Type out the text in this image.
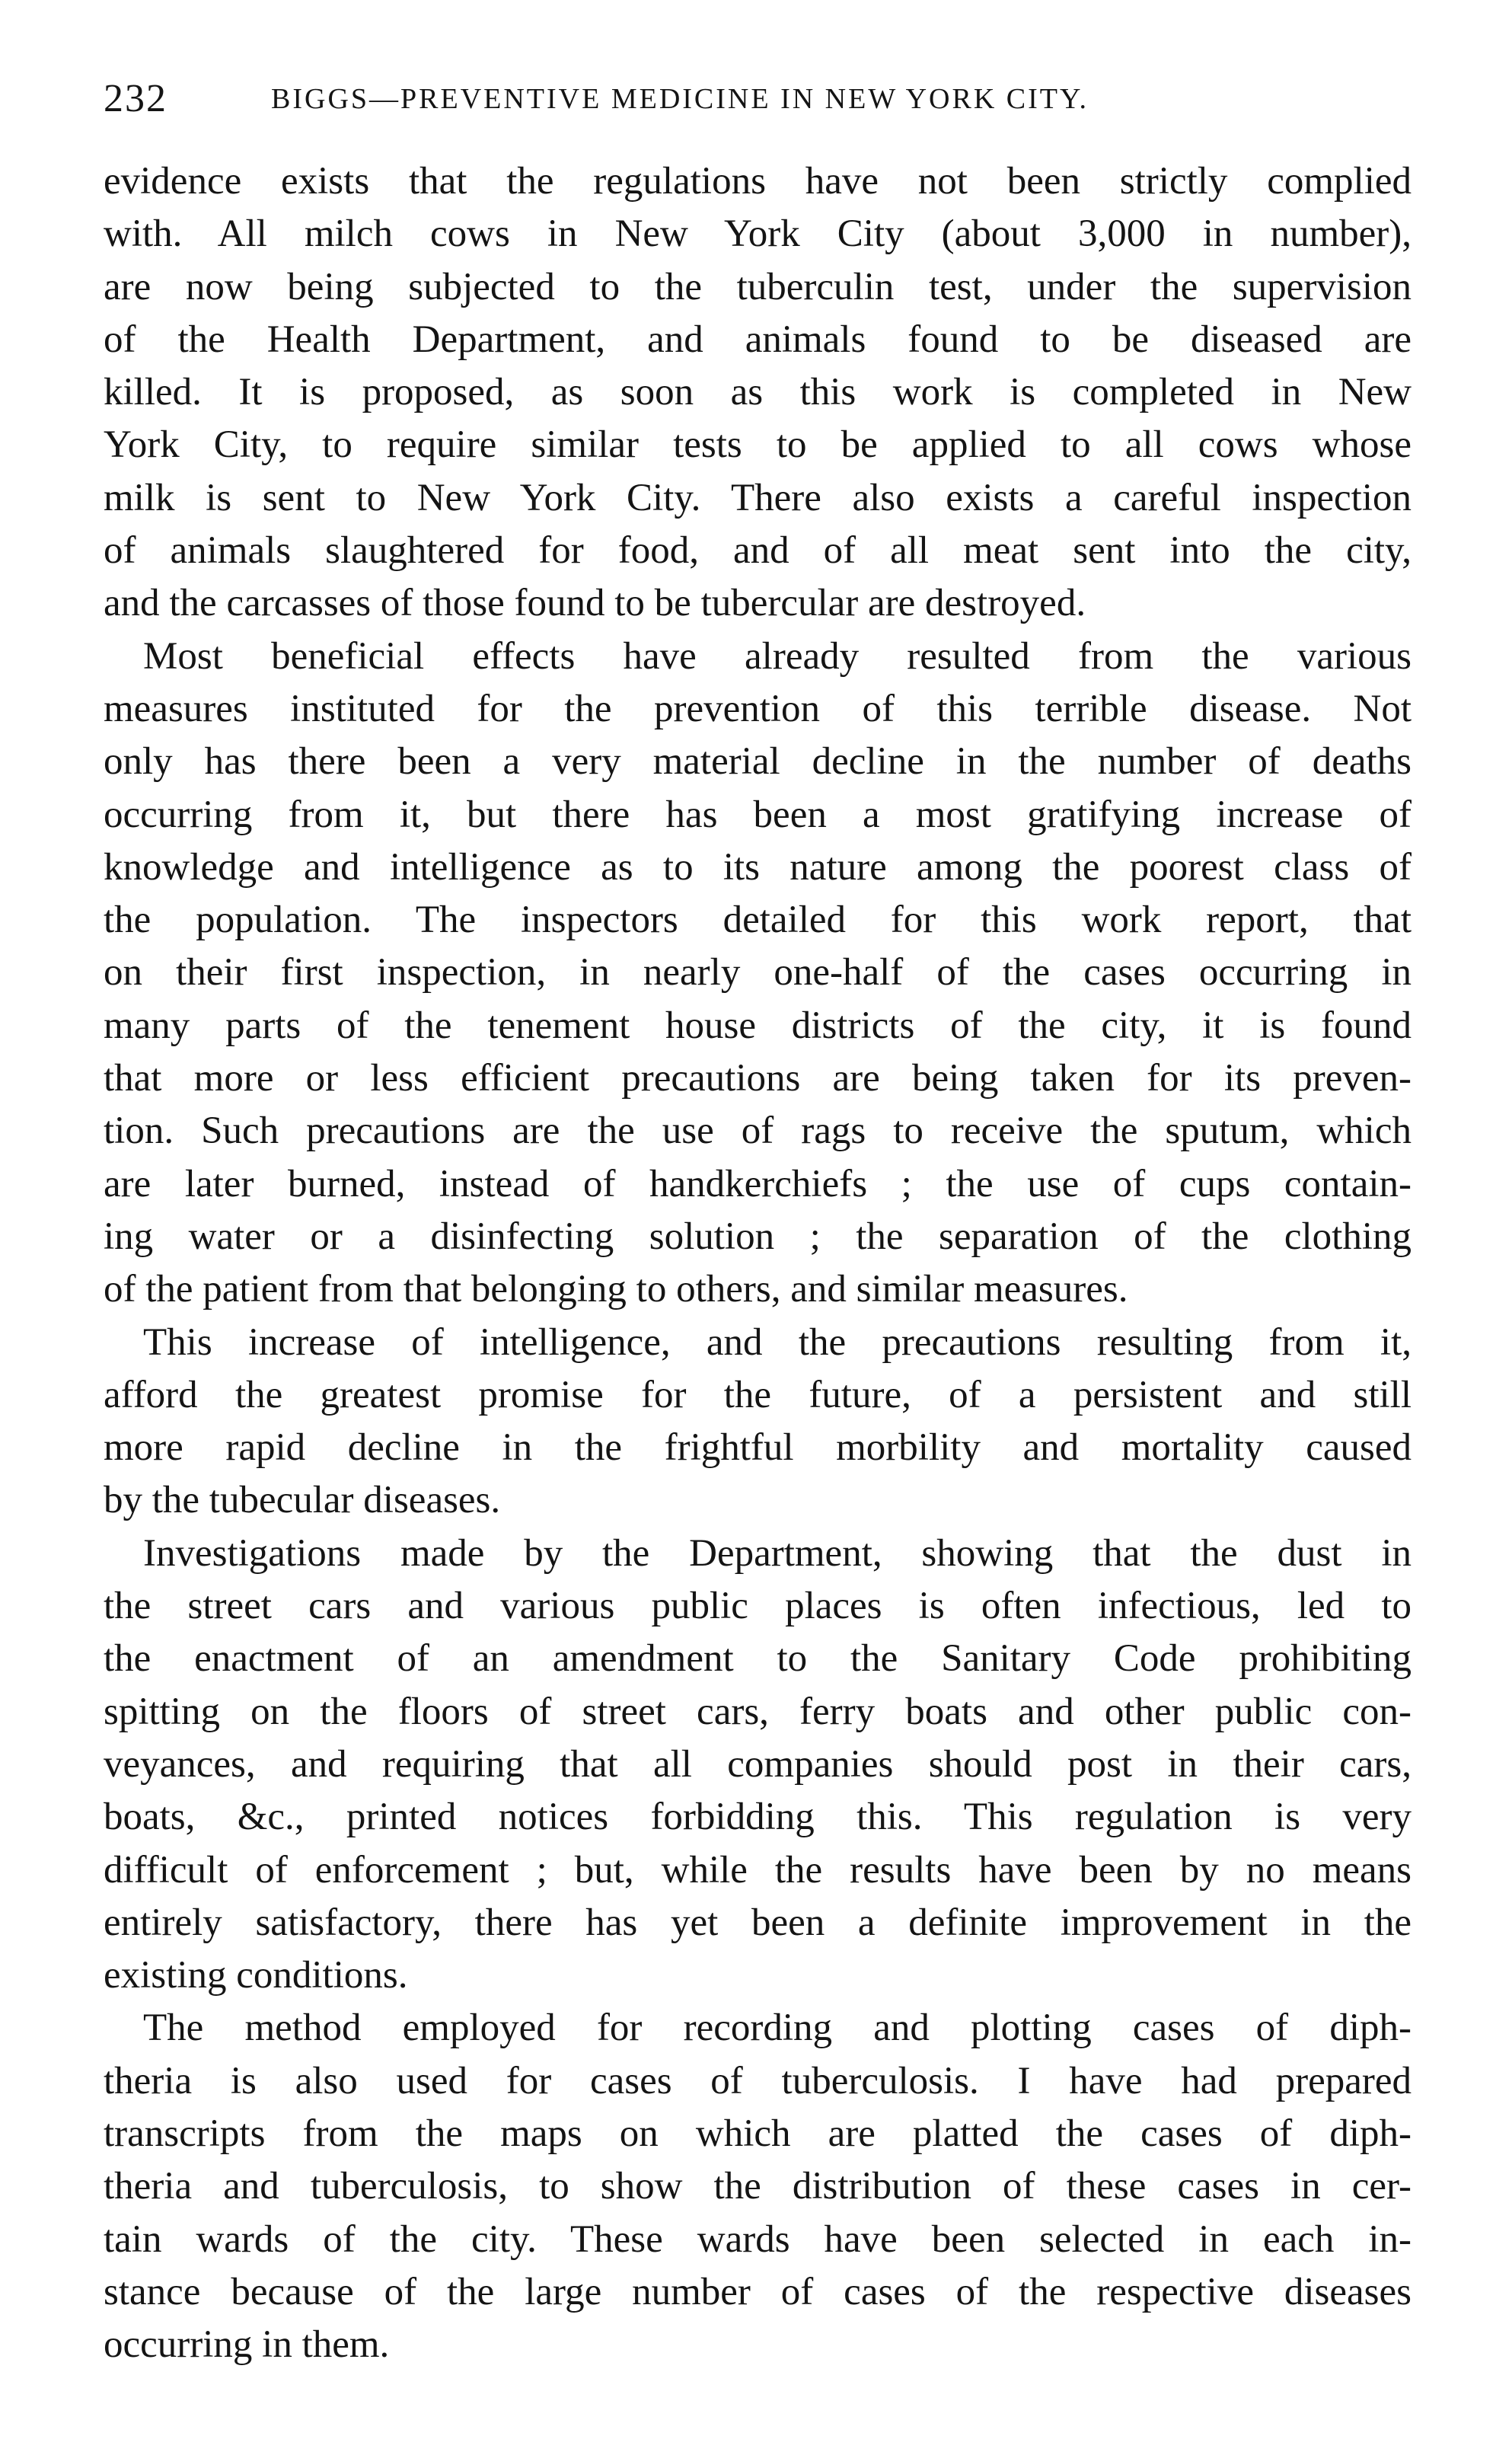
232	BIGGS—PREVENTIVE MEDICINE IN NEW YORK CITY.
evidence exists that the regulations have not been strictly complied
with. All milch cows in New York City (about 3,000 in number),
are now being subjected to the tuberculin test, under the supervision
of the Health Department, and animals found to be diseased are
killed. It is proposed, as soon as this work is completed in New
York City, to require similar tests to be applied to all cows whose
milk is sent to New York City. There also exists a careful inspection
of animals slaughtered for food, and of all meat sent into the city,
and the carcasses of those found to be tubercular are destroyed.
Most beneficial effects have already resulted from the various
measures instituted for the prevention of this terrible disease. Not
only has there been a very material decline in the number of deaths
occurring from it, but there has been a most gratifying increase of
knowledge and intelligence as to its nature among the poorest class of
the population. The inspectors detailed for this work report, that
on their first inspection, in nearly one-half of the cases occurring in
many parts of the tenement house districts of the city, it is found
that more or less efficient precautions are being taken for its preven-
tion. Such precautions are the use of rags to receive the sputum, which
are later burned, instead of handkerchiefs ; the use of cups contain-
ing water or a disinfecting solution ; the separation of the clothing
of the patient from that belonging to others, and similar measures.
This increase of intelligence, and the precautions resulting from it,
afford the greatest promise for the future, of a persistent and still
more rapid decline in the frightful morbility and mortality caused
by the tubecular diseases.
Investigations made by the Department, showing that the dust in
the street cars and various public places is often infectious, led to
the enactment of an amendment to the Sanitary Code prohibiting
spitting on the floors of street cars, ferry boats and other public con-
veyances, and requiring that all companies should post in their cars,
boats, &c., printed notices forbidding this. This regulation is very
difficult of enforcement ; but, while the results have been by no means
entirely satisfactory, there has yet been a definite improvement in the
existing conditions.
The method employed for recording and plotting cases of diph-
theria is also used for cases of tuberculosis. I have had prepared
transcripts from the maps on which are platted the cases of diph-
theria and tuberculosis, to show the distribution of these cases in cer-
tain wards of the city. These wards have been selected in each in-
stance because of the large number of cases of the respective diseases
occurring in them.
